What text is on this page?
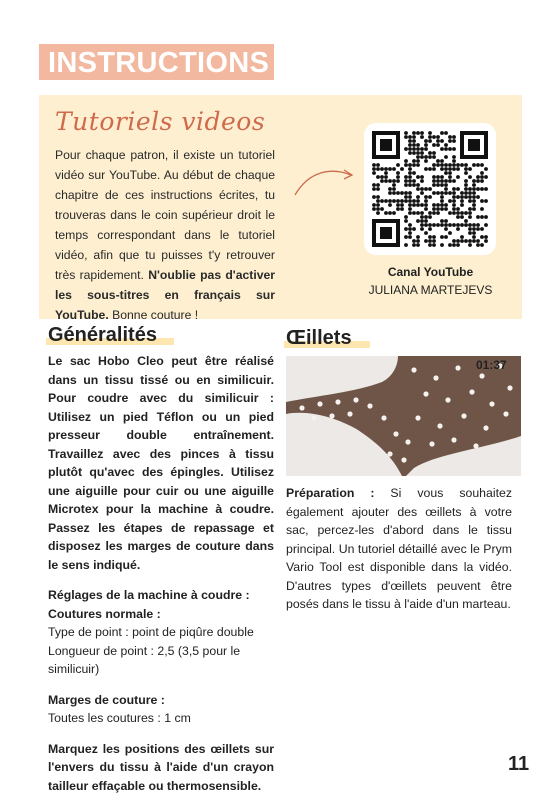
INSTRUCTIONS
Tutoriels videos
Pour chaque patron, il existe un tutoriel vidéo sur YouTube. Au début de chaque chapitre de ces instructions écrites, tu trouveras dans le coin supérieur droit le temps correspondant dans le tutoriel vidéo, afin que tu puisses t'y retrouver très rapidement. N'oublie pas d'activer les sous-titres en français sur YouTube. Bonne couture !
Canal YouTube
JULIANA MARTEJEVS
Généralités	Œillets

Le sac Hobo Cleo peut être réalisé dans un tissu tissé ou en similicuir. Pour coudre avec du similicuir : Utilisez un pied Téflon ou un pied presseur double entraînement. Travaillez avec des pinces à tissu plutôt qu'avec des épingles. Utilisez une aiguille pour cuir ou une aiguille Microtex pour la machine à coudre. Passez les étapes de repassage et disposez les marges de couture dans le sens indiqué.

Réglages de la machine à coudre :

Coutures normale :

Type de point : point de piqûre double

Longueur de point : 2,5 (3,5 pour le similicuir)

Marges de couture :

Toutes les coutures : 1 cm

Marquez les positions des œillets sur l'envers du tissu à l'aide d'un crayon tailleur effaçable ou thermosensible.

01:37
Préparation : Si vous souhaitez également ajouter des œillets à votre sac, percez-les d'abord dans le tissu principal. Un tutoriel détaillé avec le Prym Vario Tool est disponible dans la vidéo. D'autres types d'œillets peuvent être posés dans le tissu à l'aide d'un marteau.
11
